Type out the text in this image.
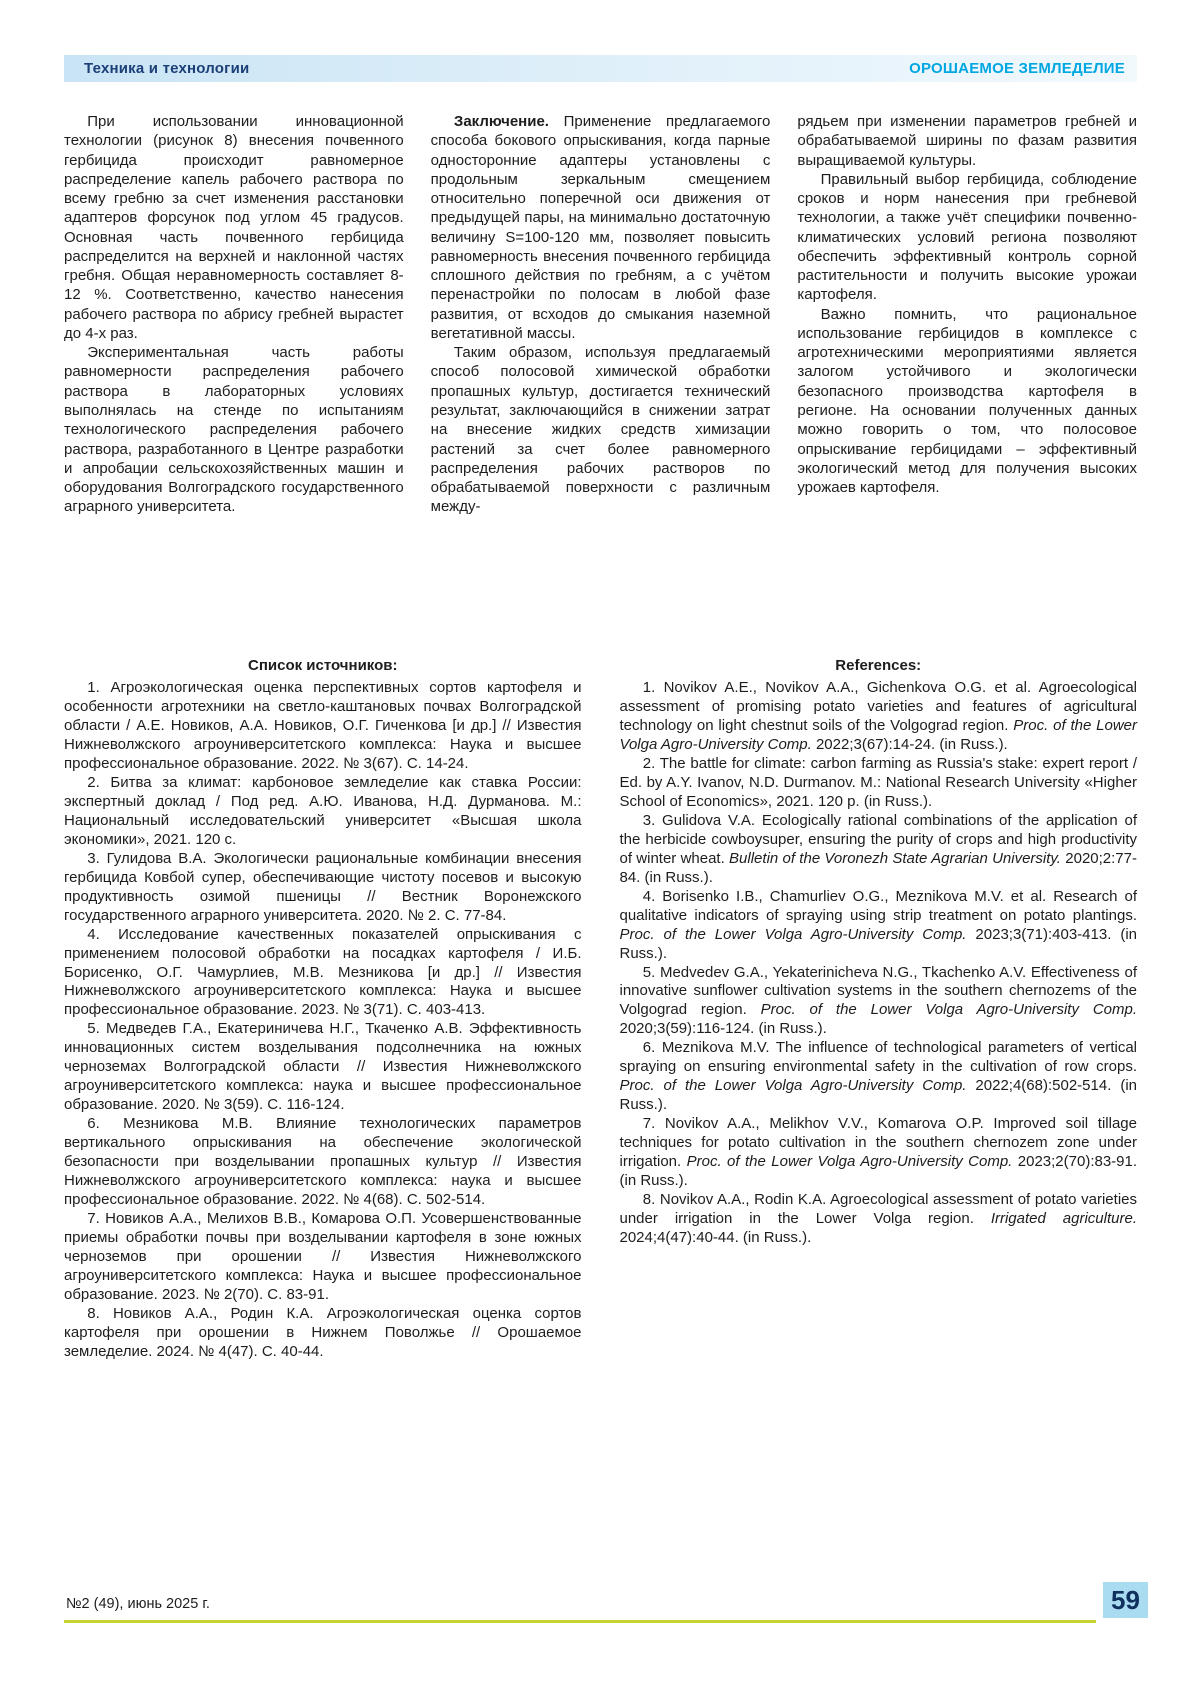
Техника и технологии	ОРОШАЕМОЕ ЗЕМЛЕДЕЛИЕ

При использовании инновационной технологии (рисунок 8) внесения почвенного гербицида происходит равномерное распределение капель рабочего раствора по всему гребню за счет изменения расстановки адаптеров форсунок под углом 45 градусов. Основная часть почвенного гербицида распределится на верхней и наклонной частях гребня. Общая неравномерность составляет 8-12 %. Соответственно, качество нанесения рабочего раствора по абрису гребней вырастет до 4-х раз.

Экспериментальная часть работы равномерности распределения рабочего раствора в лабораторных условиях выполнялась на стенде по испытаниям технологического распределения рабочего раствора, разработанного в Центре разработки и апробации сельскохозяйственных машин и оборудования Волгоградского государственного аграрного университета.

Заключение. Применение предлагаемого способа бокового опрыскивания, когда парные односторонние адаптеры установлены с продольным зеркальным смещением относительно поперечной оси движения от предыдущей пары, на минимально достаточную величину S=100-120 мм, позволяет повысить равномерность внесения почвенного гербицида сплошного действия по гребням, а с учётом перенастройки по полосам в любой фазе развития, от всходов до смыкания наземной вегетативной массы.

Таким образом, используя предлагаемый способ полосовой химической обработки пропашных культур, достигается технический результат, заключающийся в снижении затрат на внесение жидких средств химизации растений за счет более равномерного распределения рабочих растворов по обрабатываемой поверхности с различным между-

рядьем при изменении параметров гребней и обрабатываемой ширины по фазам развития выращиваемой культуры.

Правильный выбор гербицида, соблюдение сроков и норм нанесения при гребневой технологии, а также учёт специфики почвенно-климатических условий региона позволяют обеспечить эффективный контроль сорной растительности и получить высокие урожаи картофеля.

Важно помнить, что рациональное использование гербицидов в комплексе с агротехническими мероприятиями является залогом устойчивого и экологически безопасного производства картофеля в регионе. На основании полученных данных можно говорить о том, что полосовое опрыскивание гербицидами – эффективный экологический метод для получения высоких урожаев картофеля.

Список источников:

1. Агроэкологическая оценка перспективных сортов картофеля и особенности агротехники на светло-каштановых почвах Волгоградской области / А.Е. Новиков, А.А. Новиков, О.Г. Гиченкова [и др.] // Известия Нижневолжского агроуниверситетского комплекса: Наука и высшее профессиональное образование. 2022. № 3(67). С. 14-24.

2. Битва за климат: карбоновое земледелие как ставка России: экспертный доклад / Под ред. А.Ю. Иванова, Н.Д. Дурманова. М.: Национальный исследовательский университет «Высшая школа экономики», 2021. 120 с.

3. Гулидова В.А. Экологически рациональные комбинации внесения гербицида Ковбой супер, обеспечивающие чистоту посевов и высокую продуктивность озимой пшеницы // Вестник Воронежского государственного аграрного университета. 2020. № 2. С. 77-84.

4. Исследование качественных показателей опрыскивания с применением полосовой обработки на посадках картофеля / И.Б. Борисенко, О.Г. Чамурлиев, М.В. Мезникова [и др.] // Известия Нижневолжского агроуниверситетского комплекса: Наука и высшее профессиональное образование. 2023. № 3(71). С. 403-413.

5. Медведев Г.А., Екатериничева Н.Г., Ткаченко А.В. Эффективность инновационных систем возделывания подсолнечника на южных черноземах Волгоградской области // Известия Нижневолжского агроуниверситетского комплекса: наука и высшее профессиональное образование. 2020. № 3(59). С. 116-124.

6. Мезникова М.В. Влияние технологических параметров вертикального опрыскивания на обеспечение экологической безопасности при возделывании пропашных культур // Известия Нижневолжского агроуниверситетского комплекса: наука и высшее профессиональное образование. 2022. № 4(68). С. 502-514.

7. Новиков А.А., Мелихов В.В., Комарова О.П. Усовершенствованные приемы обработки почвы при возделывании картофеля в зоне южных черноземов при орошении // Известия Нижневолжского агроуниверситетского комплекса: Наука и высшее профессиональное образование. 2023. № 2(70). С. 83-91.

8. Новиков А.А., Родин К.А. Агроэкологическая оценка сортов картофеля при орошении в Нижнем Поволжье // Орошаемое земледелие. 2024. № 4(47). С. 40-44.

References:

1. Novikov A.E., Novikov A.A., Gichenkova O.G. et al. Agroecological assessment of promising potato varieties and features of agricultural technology on light chestnut soils of the Volgograd region. Proc. of the Lower Volga Agro-University Comp. 2022;3(67):14-24. (in Russ.).

2. The battle for climate: carbon farming as Russia's stake: expert report / Ed. by A.Y. Ivanov, N.D. Durmanov. M.: National Research University «Higher School of Economics», 2021. 120 p. (in Russ.).

3. Gulidova V.A. Ecologically rational combinations of the application of the herbicide cowboysuper, ensuring the purity of crops and high productivity of winter wheat. Bulletin of the Voronezh State Agrarian University. 2020;2:77-84. (in Russ.).

4. Borisenko I.B., Chamurliev O.G., Meznikova M.V. et al. Research of qualitative indicators of spraying using strip treatment on potato plantings. Proc. of the Lower Volga Agro-University Comp. 2023;3(71):403-413. (in Russ.).

5. Medvedev G.A., Yekaterinicheva N.G., Tkachenko A.V. Effectiveness of innovative sunflower cultivation systems in the southern chernozems of the Volgograd region. Proc. of the Lower Volga Agro-University Comp. 2020;3(59):116-124. (in Russ.).

6. Meznikova M.V. The influence of technological parameters of vertical spraying on ensuring environmental safety in the cultivation of row crops. Proc. of the Lower Volga Agro-University Comp. 2022;4(68):502-514. (in Russ.).

7. Novikov A.A., Melikhov V.V., Komarova O.P. Improved soil tillage techniques for potato cultivation in the southern chernozem zone under irrigation. Proc. of the Lower Volga Agro-University Comp. 2023;2(70):83-91. (in Russ.).

8. Novikov A.A., Rodin K.A. Agroecological assessment of potato varieties under irrigation in the Lower Volga region. Irrigated agriculture. 2024;4(47):40-44. (in Russ.).

№2 (49), июнь 2025 г.	59
